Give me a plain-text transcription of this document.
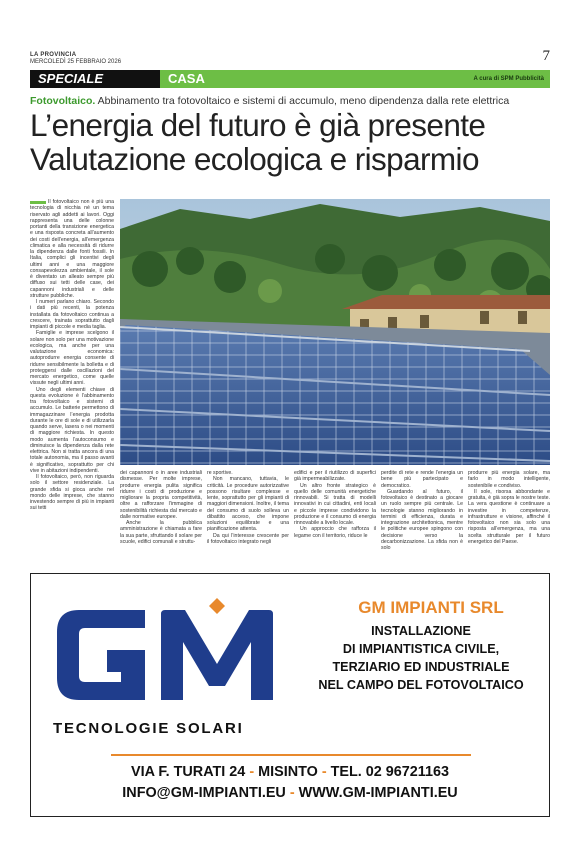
LA PROVINCIA
MERCOLEDÌ 25 FEBBRAIO 2026	7
SPECIALE	CASA	A cura di SPM Pubblicità
Fotovoltaico. Abbinamento tra fotovoltaico e sistemi di accumulo, meno dipendenza dalla rete elettrica
L’energia del futuro è già presente
Valutazione ecologica e risparmio

Il fotovoltaico non è più una tecnologia di nicchia né un tema riservato agli addetti ai lavori. Oggi rappresenta una delle colonne portanti della transizione energetica e una risposta concreta all’aumento dei costi dell’energia, all’emergenza climatica e alla necessità di ridurre la dipendenza dalle fonti fossili. In Italia, complici gli incentivi degli ultimi anni e una maggiore consapevolezza ambientale, il sole è diventato un alleato sempre più diffuso sui tetti delle case, dei capannoni industriali e delle strutture pubbliche.

I numeri parlano chiaro. Secondo i dati più recenti, la potenza installata da fotovoltaico continua a crescere, trainata soprattutto dagli impianti di piccole e media taglia.

Famiglie e imprese scelgono il solare non solo per una motivazione ecologica, ma anche per una valutazione economica: autoprodurre energia consente di ridurre sensibilmente la bolletta e di proteggersi dalle oscillazioni del mercato energetico, come quelle vissute negli ultimi anni.

Uno degli elementi chiave di questa evoluzione è l’abbinamento tra fotovoltaico e sistemi di accumulo. Le batterie permettono di immagazzinare l’energia prodotta durante le ore di sole e di utilizzarla quando serve, lasera o nei momenti di maggiore richiesta. In questo modo aumenta l’autoconsumo e diminuisce la dipendenza dalla rete elettrica. Non si tratta ancora di una totale autonomia, ma il passo avanti è significativo, soprattutto per chi vive in abitazioni indipendenti.

Il fotovoltaico, però, non riguarda solo il settore residenziale. La grande sfida si gioca anche nel mondo delle imprese, che stanno investendo sempre di più in impianti sui tetti

dei capannoni o in aree industriali dismesse. Per molte imprese, produrre energia pulita significa ridurre i costi di produzione e migliorare la propria competitività, oltre a rafforzare l’immagine di sostenibilità richiesta dal mercato e dalle normative europee.

Anche la pubblica amministrazione è chiamata a fare la sua parte, sfruttando il solare per scuole, edifici comunali e struttu-

re sportive.

Non mancano, tuttavia, le criticità. Le procedure autorizzative possono risultare complesse e lente, soprattutto per gli impianti di maggiori dimensioni. Inoltre, il tema del consumo di suolo solleva un dibattito acceso, che impone soluzioni equilibrate e una pianificazione attenta.

Da qui l’interesse crescente per il fotovoltaico integrato negli

edifici e per il riutilizzo di superfici già impermeabilizzate.

Un altro fronte strategico è quello delle comunità energetiche rinnovabili. Si tratta di modelli innovativi in cui cittadini, enti locali e piccole imprese condividono la produzione e il consumo di energia rinnovabile a livello locale.

Un approccio che rafforza il legame con il territorio, riduce le

perdite di rete e rende l’energia un bene più partecipato e democratico.

Guardando al futuro, il fotovoltaico è destinato a giocare un ruolo sempre più centrale. Le tecnologie stanno migliorando in termini di efficienza, durata e integrazione architettonica, mentre le politiche europee spingono con decisione verso la decarbonizzazione. La sfida non è solo

produrre più energia solare, ma farlo in modo intelligente, sostenibile e condiviso.

Il sole, risorsa abbondante e gratuita, è già sopra le nostre teste. La vera questione è continuare a investire in competenze, infrastrutture e visione, affinché il fotovoltaico non sia solo una risposta all’emergenza, ma una scelta strutturale per il futuro energetico del Paese.

TECNOLOGIE SOLARI
GM IMPIANTI SRL
INSTALLAZIONE
DI IMPIANTISTICA CIVILE,
TERZIARIO ED INDUSTRIALE
NEL CAMPO DEL FOTOVOLTAICO
VIA F. TURATI 24 - MISINTO - TEL. 02 96721163
INFO@GM-IMPIANTI.EU - WWW.GM-IMPIANTI.EU
